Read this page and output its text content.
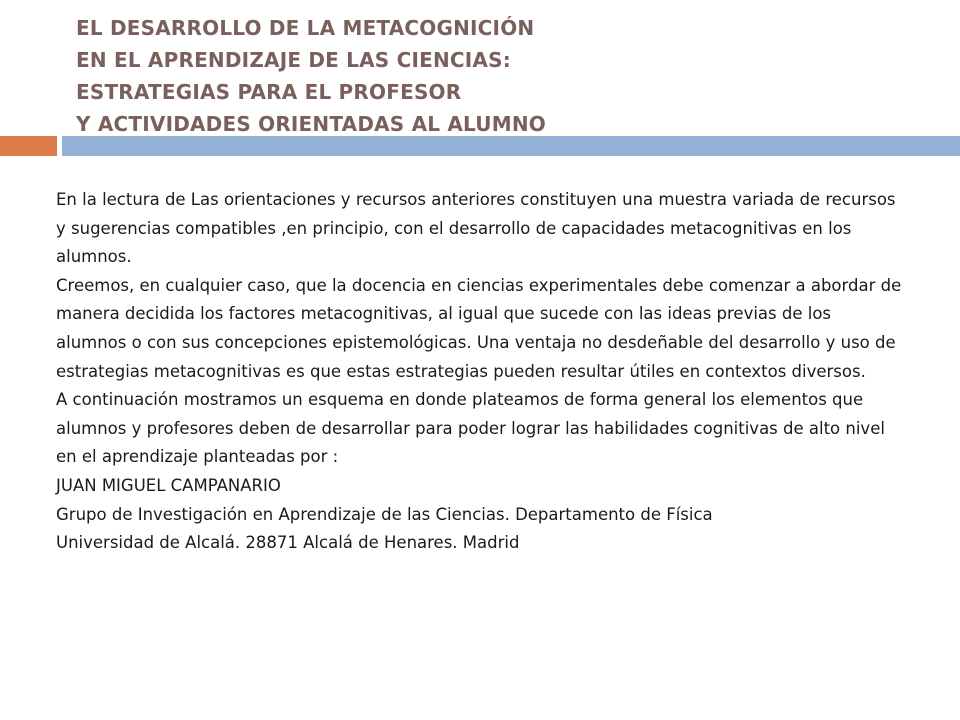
EL DESARROLLO DE LA METACOGNICIÓN
EN EL APRENDIZAJE DE LAS CIENCIAS:
ESTRATEGIAS PARA EL PROFESOR
Y ACTIVIDADES ORIENTADAS AL ALUMNO

En la lectura de Las orientaciones y recursos anteriores constituyen una muestra variada de recursos y sugerencias compatibles ,en principio, con el desarrollo de capacidades metacognitivas en los alumnos.

Creemos, en cualquier caso, que la docencia en ciencias experimentales debe comenzar a abordar de manera decidida los factores metacognitivas, al igual que sucede con las ideas previas de los alumnos o con sus concepciones epistemológicas. Una ventaja no desdeñable del desarrollo y uso de estrategias metacognitivas es que estas estrategias pueden resultar útiles en contextos diversos.

A continuación mostramos un esquema en donde plateamos de forma general los elementos que alumnos y profesores deben de desarrollar para poder lograr las habilidades cognitivas de alto nivel en el aprendizaje planteadas por :

JUAN MIGUEL CAMPANARIO

Grupo de Investigación en Aprendizaje de las Ciencias. Departamento de Física

Universidad de Alcalá. 28871 Alcalá de Henares. Madrid
